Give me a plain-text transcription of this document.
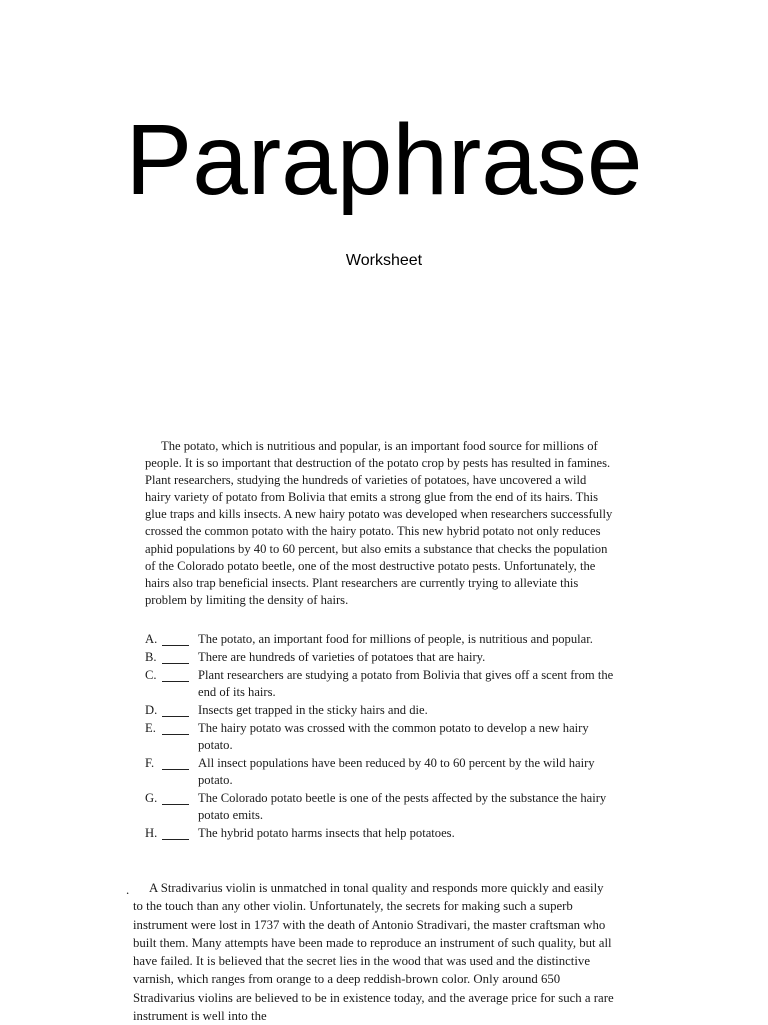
Paraphrase
Worksheet

The potato, which is nutritious and popular, is an important food source for millions of people. It is so important that destruction of the potato crop by pests has resulted in famines. Plant researchers, studying the hundreds of varieties of potatoes, have uncovered a wild hairy variety of potato from Bolivia that emits a strong glue from the end of its hairs. This glue traps and kills insects. A new hairy potato was developed when researchers successfully crossed the common potato with the hairy potato. This new hybrid potato not only reduces aphid populations by 40 to 60 percent, but also emits a substance that checks the population of the Colorado potato beetle, one of the most destructive potato pests. Unfortunately, the hairs also trap beneficial insects. Plant researchers are currently trying to alleviate this problem by limiting the density of hairs.

A.	The potato, an important food for millions of people, is nutritious and popular.
B.	There are hundreds of varieties of potatoes that are hairy.
C.	Plant researchers are studying a potato from Bolivia that gives off a scent from the end of its hairs.
D.	Insects get trapped in the sticky hairs and die.
E.	The hairy potato was crossed with the common potato to develop a new hairy potato.
F.	All insect populations have been reduced by 40 to 60 percent by the wild hairy potato.
G.	The Colorado potato beetle is one of the pests affected by the substance the hairy potato emits.
H.	The hybrid potato harms insects that help potatoes.
.	A Stradivarius violin is unmatched in tonal quality and responds more quickly and easily to the touch than any other violin. Unfortunately, the secrets for making such a superb instrument were lost in 1737 with the death of Antonio Stradivari, the master craftsman who built them. Many attempts have been made to reproduce an instrument of such quality, but all have failed. It is believed that the secret lies in the wood that was used and the distinctive varnish, which ranges from orange to a deep reddish-brown color. Only around 650 Stradivarius violins are believed to be in existence today, and the average price for such a rare instrument is well into the
